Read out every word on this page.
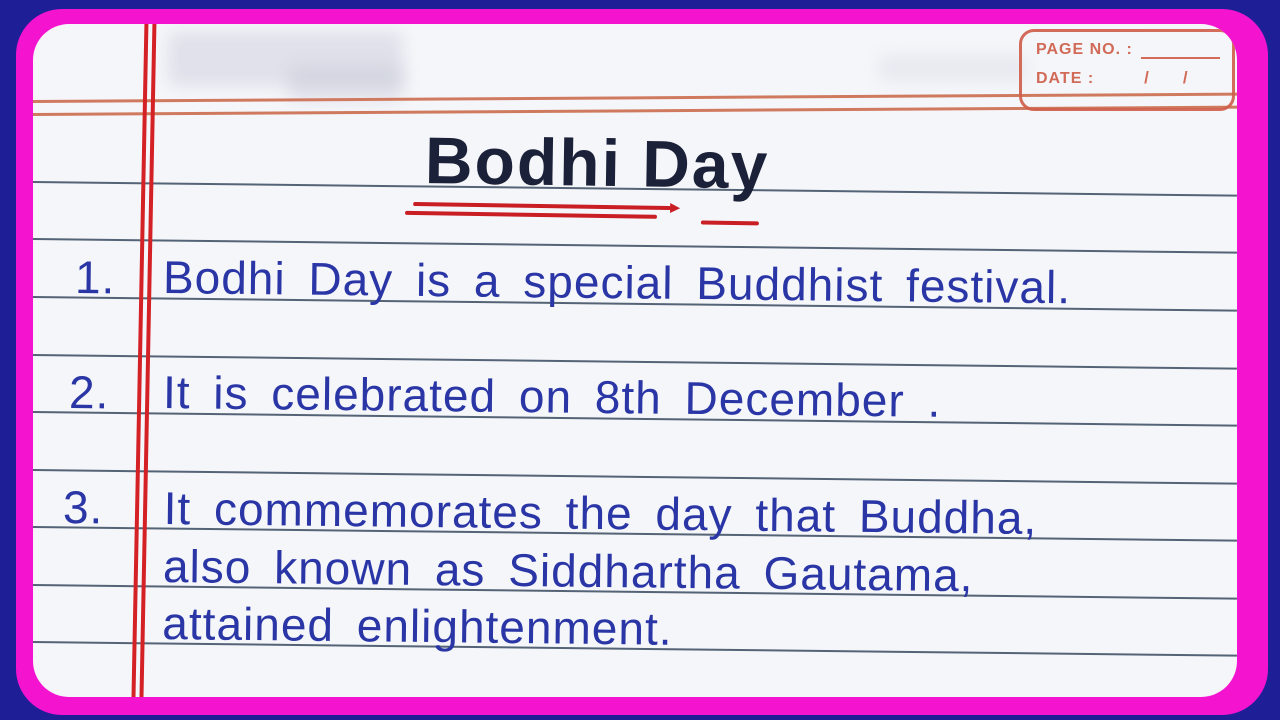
PAGE NO. :
DATE :	/ /
Bodhi Day
1.	Bodhi Day is a special Buddhist festival.
2.	It is celebrated on 8th December .
3.	It commemorates the day that Buddha,
also known as Siddhartha Gautama,
attained enlightenment.
